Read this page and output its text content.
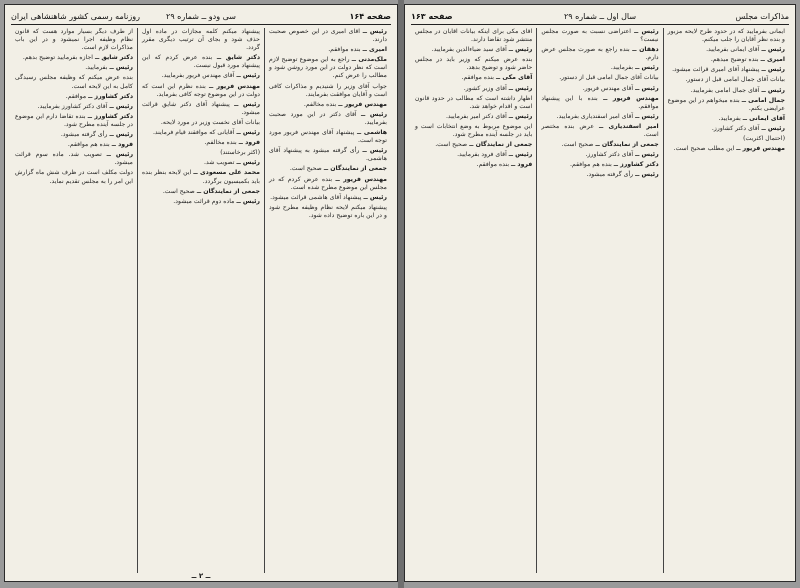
صفحه ۱۶۴
سی ودو ــ شماره ۲۹
روزنامه رسمی کشور شاهنشاهی ایران

رئیس ــ آقای امیری در این خصوص صحبت دارند.

امیری ــ بنده موافقم.

ملک‌مدنی ــ راجع به این موضوع توضیح لازم است که نظر دولت در این مورد روشن شود و مطالب را عرض کنم.

جواب آقای وزیر را شنیدیم و مذاکرات کافی است و آقایان موافقت بفرمایند.

مهندس فریور ــ بنده مخالفم.

رئیس ــ آقای دکتر در این مورد صحبت بفرمایید.

هاشمی ــ پیشنهاد آقای مهندس فریور مورد توجه است.

رئیس ــ رأی گرفته میشود به پیشنهاد آقای هاشمی.

جمعی از نمایندگان ــ صحیح است.

مهندس فریور ــ بنده عرض کردم که در مجلس این موضوع مطرح شده است.

رئیس ــ پیشنهاد آقای هاشمی قرائت میشود.

پیشنهاد میکنم لایحه نظام وظیفه مطرح شود و در این باره توضیح داده شود.

پیشنهاد میکنم کلمه مجازات در ماده اول حذف شود و بجای آن ترتیب دیگری مقرر گردد.

دکتر شایق ــ بنده عرض کردم که این پیشنهاد مورد قبول نیست.

رئیس ــ آقای مهندس فریور بفرمایید.

مهندس فریور ــ بنده نظرم این است که دولت در این موضوع توجه کافی بفرماید.

رئیس ــ پیشنهاد آقای دکتر شایق قرائت میشود.

بیانات آقای نخست وزیر در مورد لایحه.

رئیس ــ آقایانی که موافقند قیام فرمایند.

فرود ــ بنده مخالفم.

(اکثر برخاستند)

رئیس ــ تصویب شد.

محمد علی مسعودی ــ این لایحه بنظر بنده باید بکمیسیون برگردد.

جمعی از نمایندگان ــ صحیح است.

رئیس ــ ماده دوم قرائت میشود.

از طرف دیگر بسیار موارد هست که قانون نظام وظیفه اجرا نمیشود و در این باب مذاکرات لازم است.

دکتر شایق ــ اجازه بفرمایید توضیح بدهم.

رئیس ــ بفرمایید.

بنده عرض میکنم که وظیفه مجلس رسیدگی کامل به این لایحه است.

دکتر کشاورز ــ موافقم.

رئیس ــ آقای دکتر کشاورز بفرمایید.

دکتر کشاورز ــ بنده تقاضا دارم این موضوع در جلسه آینده مطرح شود.

رئیس ــ رأی گرفته میشود.

فرود ــ بنده هم موافقم.

رئیس ــ تصویب شد. ماده سوم قرائت میشود.

دولت مکلف است در ظرف شش ماه گزارش این امر را به مجلس تقدیم نماید.

ــ ۲ ــ
مذاکرات مجلس
سال اول ــ شماره ۲۹
صفحه ۱۶۳

ایمانی بفرمایید که در حدود طرح لایحه مزبور و بنده نظر آقایان را جلب میکنم.

رئیس ــ آقای ایمانی بفرمایید.

امیری ــ بنده توضیح میدهم.

رئیس ــ پیشنهاد آقای امیری قرائت میشود.

بیانات آقای جمال امامی قبل از دستور.

رئیس ــ آقای جمال امامی بفرمایید.

جمال امامی ــ بنده میخواهم در این موضوع عرایضی بکنم.

آقای ایمانی ــ بفرمایید.

رئیس ــ آقای دکتر کشاورز.

(احتمال اکثریت)

مهندس فریور ــ این مطلب صحیح است.

رئیس ــ اعتراضی نسبت به صورت مجلس نیست؟

دهقان ــ بنده راجع به صورت مجلس عرض دارم.

رئیس ــ بفرمایید.

بیانات آقای جمال امامی قبل از دستور.

رئیس ــ آقای مهندس فریور.

مهندس فریور ــ بنده با این پیشنهاد موافقم.

رئیس ــ آقای امیر اسفندیاری بفرمایید.

امیر اسفندیاری ــ عرض بنده مختصر است.

جمعی از نمایندگان ــ صحیح است.

رئیس ــ آقای دکتر کشاورز.

دکتر کشاورز ــ بنده هم موافقم.

رئیس ــ رأی گرفته میشود.

آقای مکی برای اینکه بیانات آقایان در مجلس منتشر شود تقاضا دارند.

رئیس ــ آقای سید ضیاءالدین بفرمایید.

بنده عرض میکنم که وزیر باید در مجلس حاضر شود و توضیح بدهد.

آقای مکی ــ بنده موافقم.

رئیس ــ آقای وزیر کشور.

اظهار داشته است که مطالب در حدود قانون است و اقدام خواهد شد.

رئیس ــ آقای دکتر امیر بفرمایید.

این موضوع مربوط به وضع انتخابات است و باید در جلسه آینده مطرح شود.

جمعی از نمایندگان ــ صحیح است.

رئیس ــ آقای فرود بفرمایید.

فرود ــ بنده موافقم.
